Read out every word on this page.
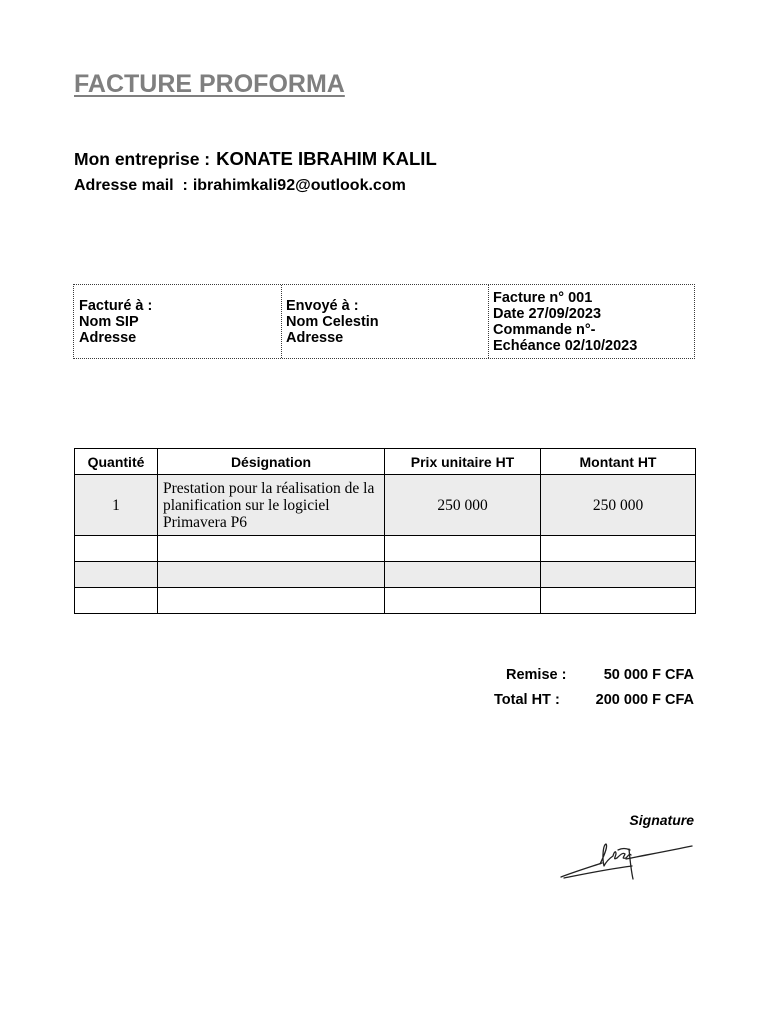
FACTURE PROFORMA
Mon entreprise : KONATE IBRAHIM KALIL
Adresse mail  : ibrahimkali92@outlook.com
Facturé à :
Nom SIP
Adresse
Envoyé à :
Nom Celestin
Adresse
Facture n° 001
Date 27/09/2023
Commande n°-
Echéance 02/10/2023
Quantité	Désignation	Prix unitaire HT	Montant HT
1	Prestation pour la réalisation de la planification sur le logiciel Primavera P6	250 000	250 000

Remise :	50 000 F CFA
Total HT : 200 000 F CFA
Signature
